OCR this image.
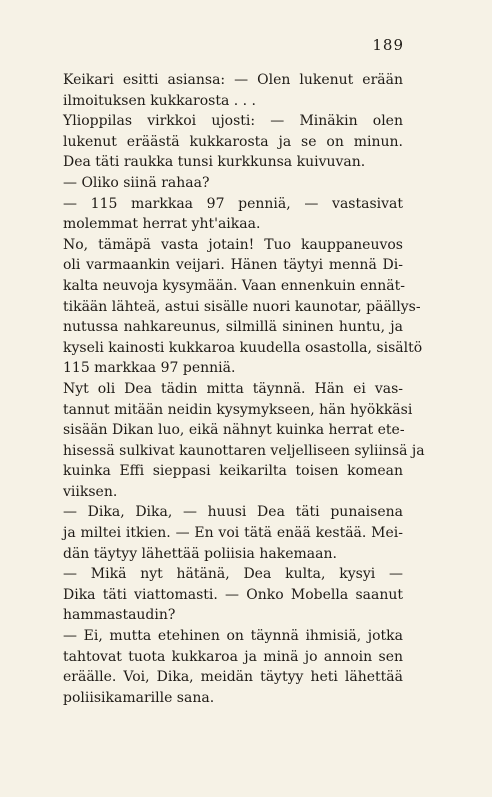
189
Keikari esitti asiansa: — Olen lukenut erään
ilmoituksen kukkarosta . . .
Ylioppilas virkkoi ujosti: — Minäkin olen
lukenut eräästä kukkarosta ja se on minun.
Dea täti raukka tunsi kurkkunsa kuivuvan.
— Oliko siinä rahaa?
— 115 markkaa 97 penniä, — vastasivat
molemmat herrat yht'aikaa.
No, tämäpä vasta jotain! Tuo kauppaneuvos
oli varmaankin veijari. Hänen täytyi mennä Di-
kalta neuvoja kysymään. Vaan ennenkuin ennät-
tikään lähteä, astui sisälle nuori kaunotar, päällys-
nutussa nahkareunus, silmillä sininen huntu, ja
kyseli kainosti kukkaroa kuudella osastolla, sisältö
115 markkaa 97 penniä.
Nyt oli Dea tädin mitta täynnä. Hän ei vas-
tannut mitään neidin kysymykseen, hän hyökkäsi
sisään Dikan luo, eikä nähnyt kuinka herrat ete-
hisessä sulkivat kaunottaren veljelliseen syliinsä ja
kuinka Effi sieppasi keikarilta toisen komean
viiksen.
— Dika, Dika, — huusi Dea täti punaisena
ja miltei itkien. — En voi tätä enää kestää. Mei-
dän täytyy lähettää poliisia hakemaan.
— Mikä nyt hätänä, Dea kulta, kysyi —
Dika täti viattomasti. — Onko Mobella saanut
hammastaudin?
— Ei, mutta etehinen on täynnä ihmisiä, jotka
tahtovat tuota kukkaroa ja minä jo annoin sen
eräälle. Voi, Dika, meidän täytyy heti lähettää
poliisikamarille sana.
